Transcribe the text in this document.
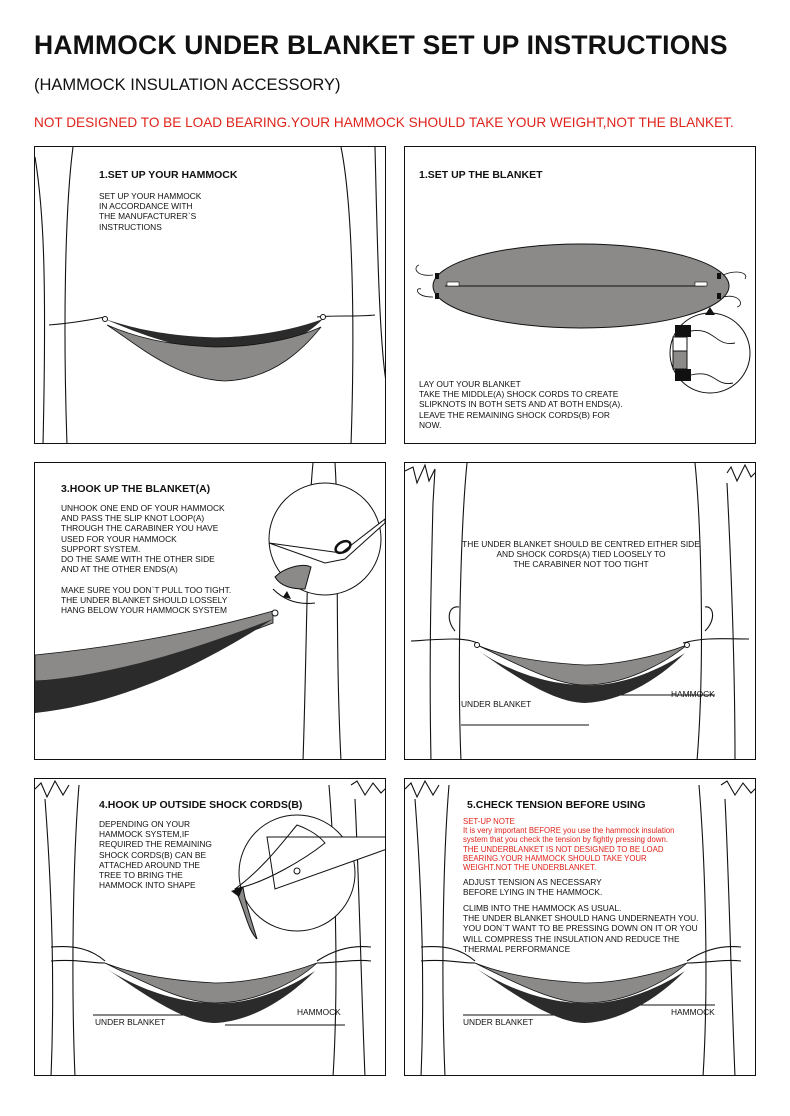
HAMMOCK UNDER BLANKET SET UP INSTRUCTIONS
(HAMMOCK INSULATION ACCESSORY)
NOT DESIGNED TO BE LOAD BEARING.YOUR HAMMOCK SHOULD TAKE YOUR WEIGHT,NOT THE BLANKET.
1.SET UP YOUR HAMMOCK
SET UP YOUR HAMMOCK
IN ACCORDANCE WITH
THE MANUFACTURER`S
INSTRUCTIONS
1.SET UP THE BLANKET
LAY OUT YOUR BLANKET
TAKE THE MIDDLE(A) SHOCK CORDS TO CREATE
SLIPKNOTS IN BOTH SETS AND AT BOTH ENDS(A).
LEAVE THE REMAINING SHOCK CORDS(B) FOR
NOW.
3.HOOK UP THE BLANKET(A)
UNHOOK ONE END OF YOUR HAMMOCK
AND PASS THE SLIP KNOT LOOP(A)
THROUGH THE CARABINER YOU HAVE
USED FOR YOUR HAMMOCK
SUPPORT SYSTEM.
DO THE SAME WITH THE OTHER SIDE
AND AT THE OTHER ENDS(A)
MAKE SURE YOU DON`T PULL TOO TIGHT.
THE UNDER BLANKET SHOULD LOSSELY
HANG BELOW YOUR HAMMOCK SYSTEM
THE UNDER BLANKET SHOULD BE CENTRED EITHER SIDE
AND SHOCK CORDS(A) TIED LOOSELY TO
THE CARABINER NOT TOO TIGHT
UNDER BLANKET
HAMMOCK
4.HOOK UP OUTSIDE SHOCK CORDS(B)
DEPENDING ON YOUR
HAMMOCK SYSTEM,IF
REQUIRED THE REMAINING
SHOCK CORDS(B) CAN BE
ATTACHED AROUND THE
TREE TO BRING THE
HAMMOCK INTO SHAPE
UNDER BLANKET
HAMMOCK
5.CHECK TENSION BEFORE USING
SET-UP NOTE
It is very important BEFORE you use the hammock insulation
system that you check the tension by fightly pressing down.
THE UNDERBLANKET IS NOT DESIGNED TO BE LOAD
BEARING.YOUR HAMMOCK SHOULD TAKE YOUR
WEIGHT.NOT THE UNDERBLANKET.
ADJUST TENSION AS NECESSARY
BEFORE LYING IN THE HAMMOCK.
CLIMB INTO THE HAMMOCK AS USUAL.
THE UNDER BLANKET SHOULD HANG UNDERNEATH YOU.
YOU DON`T WANT TO BE PRESSING DOWN ON IT OR YOU
WILL COMPRESS THE INSULATION AND REDUCE THE
THERMAL PERFORMANCE
UNDER BLANKET
HAMMOCK
